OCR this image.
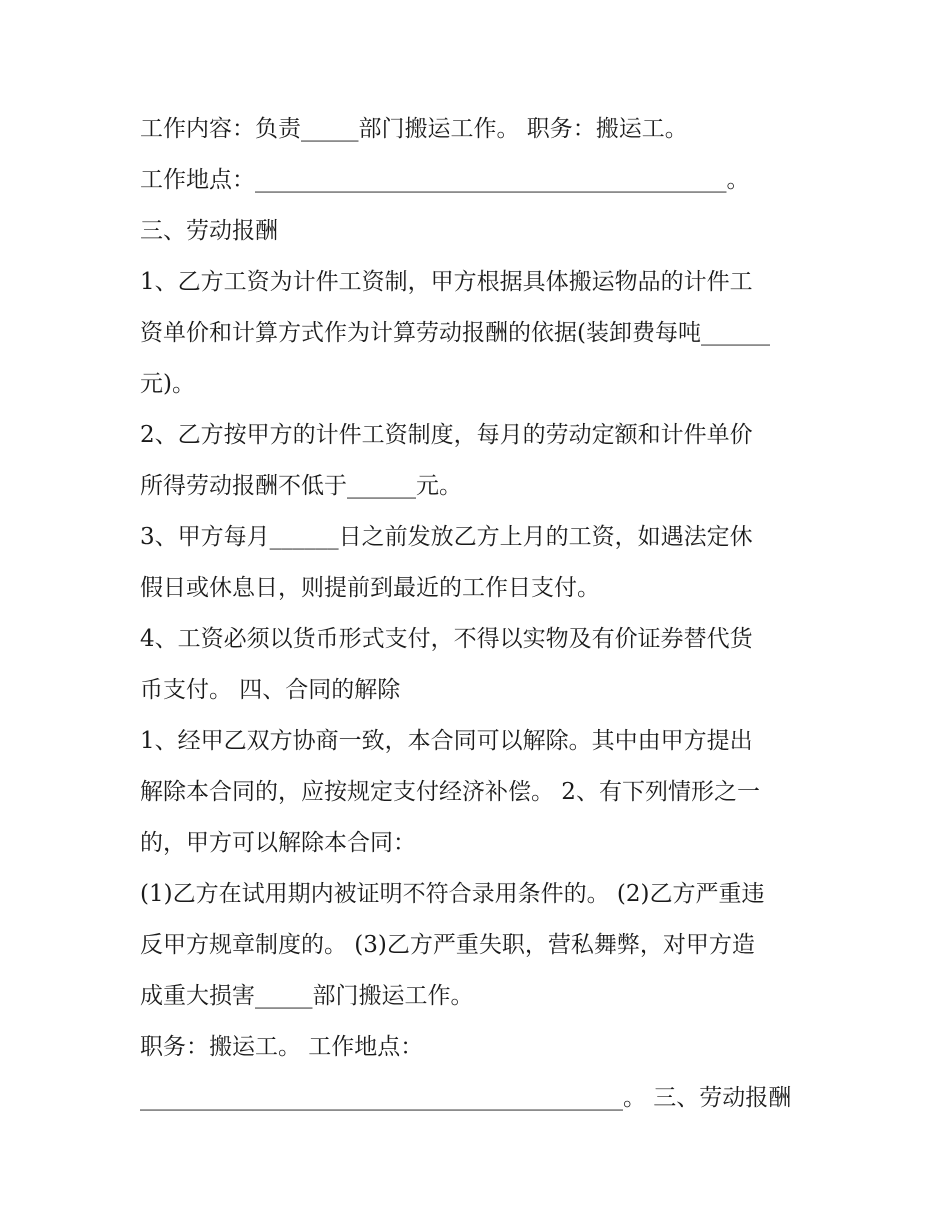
工作内容：负责_____部门搬运工作。 职务：搬运工。
工作地点：_________________________________________。
三、劳动报酬
1、乙方工资为计件工资制，甲方根据具体搬运物品的计件工
资单价和计算方式作为计算劳动报酬的依据(装卸费每吨______
元)。
2、乙方按甲方的计件工资制度，每月的劳动定额和计件单价
所得劳动报酬不低于______元。
3、甲方每月______日之前发放乙方上月的工资，如遇法定休
假日或休息日，则提前到最近的工作日支付。
4、工资必须以货币形式支付，不得以实物及有价证券替代货
币支付。 四、合同的解除
1、经甲乙双方协商一致，本合同可以解除。其中由甲方提出
解除本合同的，应按规定支付经济补偿。 2、有下列情形之一
的，甲方可以解除本合同：
(1)乙方在试用期内被证明不符合录用条件的。 (2)乙方严重违
反甲方规章制度的。 (3)乙方严重失职，营私舞弊，对甲方造
成重大损害_____部门搬运工作。
职务：搬运工。 工作地点：
__________________________________________。 三、劳动报酬
